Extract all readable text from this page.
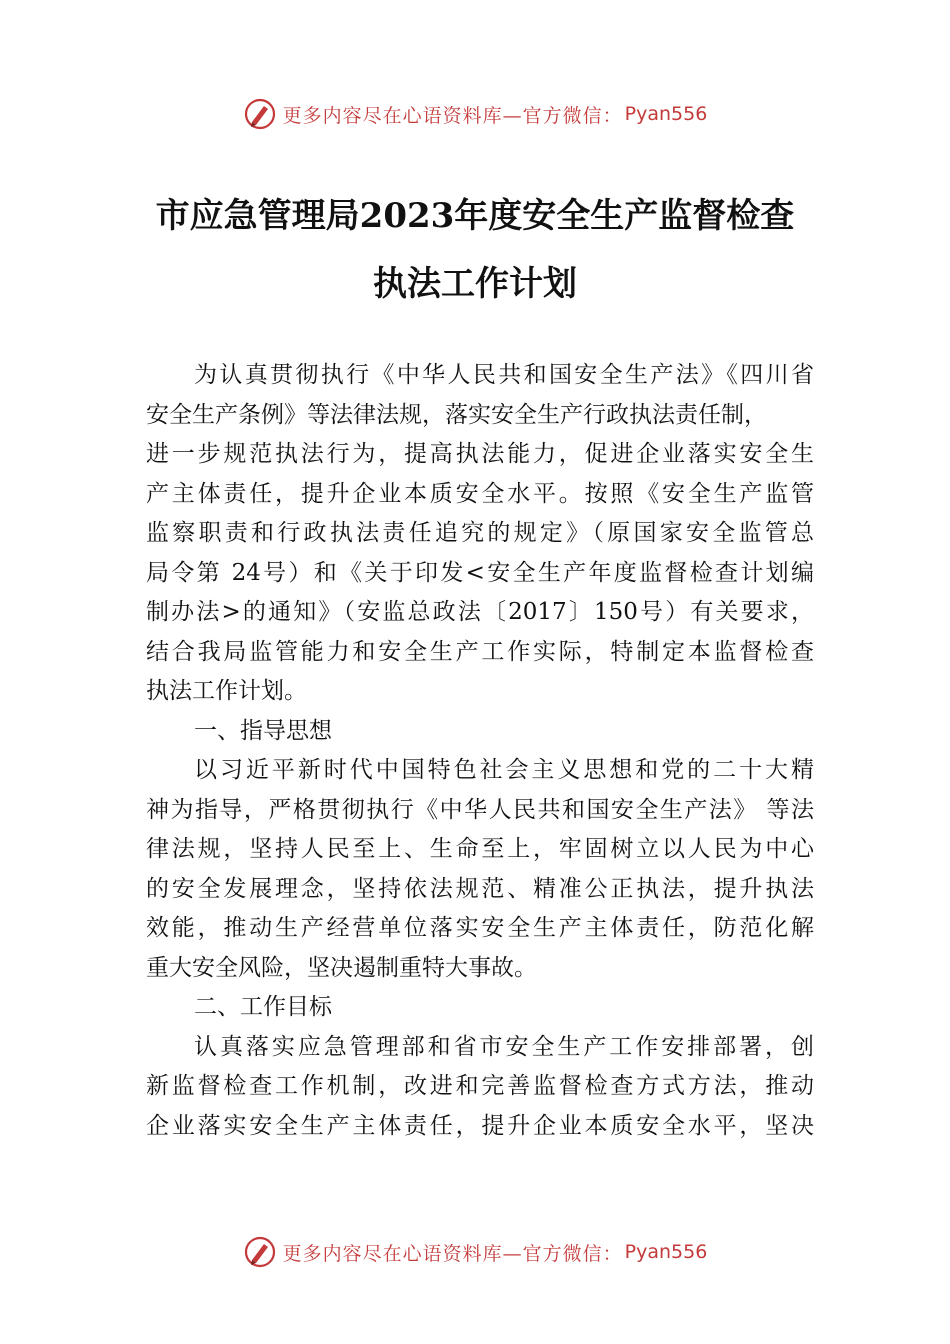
更多内容尽在心语资料库—官方微信： Pyan556
市应急管理局2023年度安全生产监督检查
执法工作计划
为认真贯彻执行《中华人民共和国安全生产法》《四川省
安全生产条例》等法律法规，落实安全生产行政执法责任制，
进一步规范执法行为，提高执法能力，促进企业落实安全生
产主体责任，提升企业本质安全水平。按照《安全生产监管
监察职责和行政执法责任追究的规定》（原国家安全监管总
局令第 24号）和《关于印发<安全生产年度监督检查计划编
制办法>的通知》（安监总政法〔2017〕150号）有关要求，
结合我局监管能力和安全生产工作实际，特制定本监督检查
执法工作计划。
一、指导思想
以习近平新时代中国特色社会主义思想和党的二十大精
神为指导，严格贯彻执行《中华人民共和国安全生产法》 等法
律法规，坚持人民至上、生命至上，牢固树立以人民为中心
的安全发展理念，坚持依法规范、精准公正执法，提升执法
效能，推动生产经营单位落实安全生产主体责任，防范化解
重大安全风险，坚决遏制重特大事故。
二、工作目标
认真落实应急管理部和省市安全生产工作安排部署，创
新监督检查工作机制，改进和完善监督检查方式方法，推动
企业落实安全生产主体责任，提升企业本质安全水平，坚决
更多内容尽在心语资料库—官方微信： Pyan556
